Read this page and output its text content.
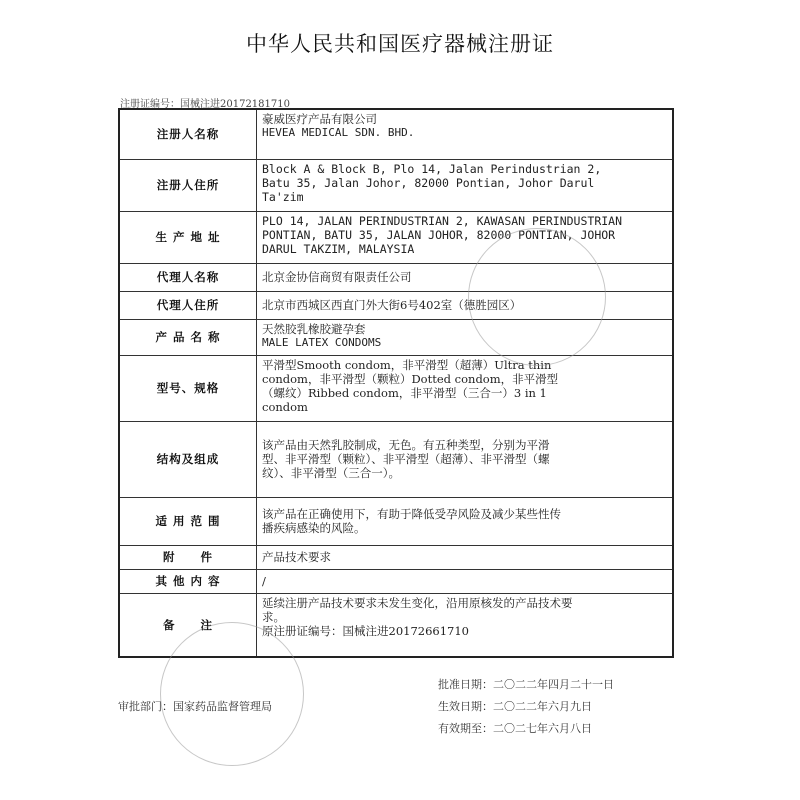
中华人民共和国医疗器械注册证
注册证编号：国械注进20172181710
注册人名称	豪威医疗产品有限公司
HEVEA MEDICAL SDN. BHD.

注册人住所	Block A & Block B, Plo 14, Jalan Perindustrian 2,
Batu 35, Jalan Johor, 82000 Pontian, Johor Darul
Ta'zim

生 产 地 址	PLO 14, JALAN PERINDUSTRIAN 2, KAWASAN PERINDUSTRIAN
PONTIAN, BATU 35, JALAN JOHOR, 82000 PONTIAN, JOHOR
DARUL TAKZIM, MALAYSIA

代理人名称	北京金协信商贸有限责任公司

代理人住所	北京市西城区西直门外大街6号402室（德胜园区）

产 品 名 称	天然胶乳橡胶避孕套
MALE LATEX CONDOMS

型号、规格	平滑型Smooth condom，非平滑型（超薄）Ultra thin
condom，非平滑型（颗粒）Dotted condom，非平滑型
（螺纹）Ribbed condom，非平滑型（三合一）3 in 1
condom

结构及组成	该产品由天然乳胶制成，无色。有五种类型，分别为平滑
型、非平滑型（颗粒）、非平滑型（超薄）、非平滑型（螺
纹）、非平滑型（三合一）。

适 用 范 围	该产品在正确使用下，有助于降低受孕风险及减少某些性传
播疾病感染的风险。

附　　件	产品技术要求

其 他 内 容	/

备　　注	延续注册产品技术要求未发生变化，沿用原核发的产品技术要
求。
原注册证编号：国械注进20172661710
批准日期：二〇二二年四月二十一日
生效日期：二〇二二年六月九日
有效期至：二〇二七年六月八日
审批部门：国家药品监督管理局
